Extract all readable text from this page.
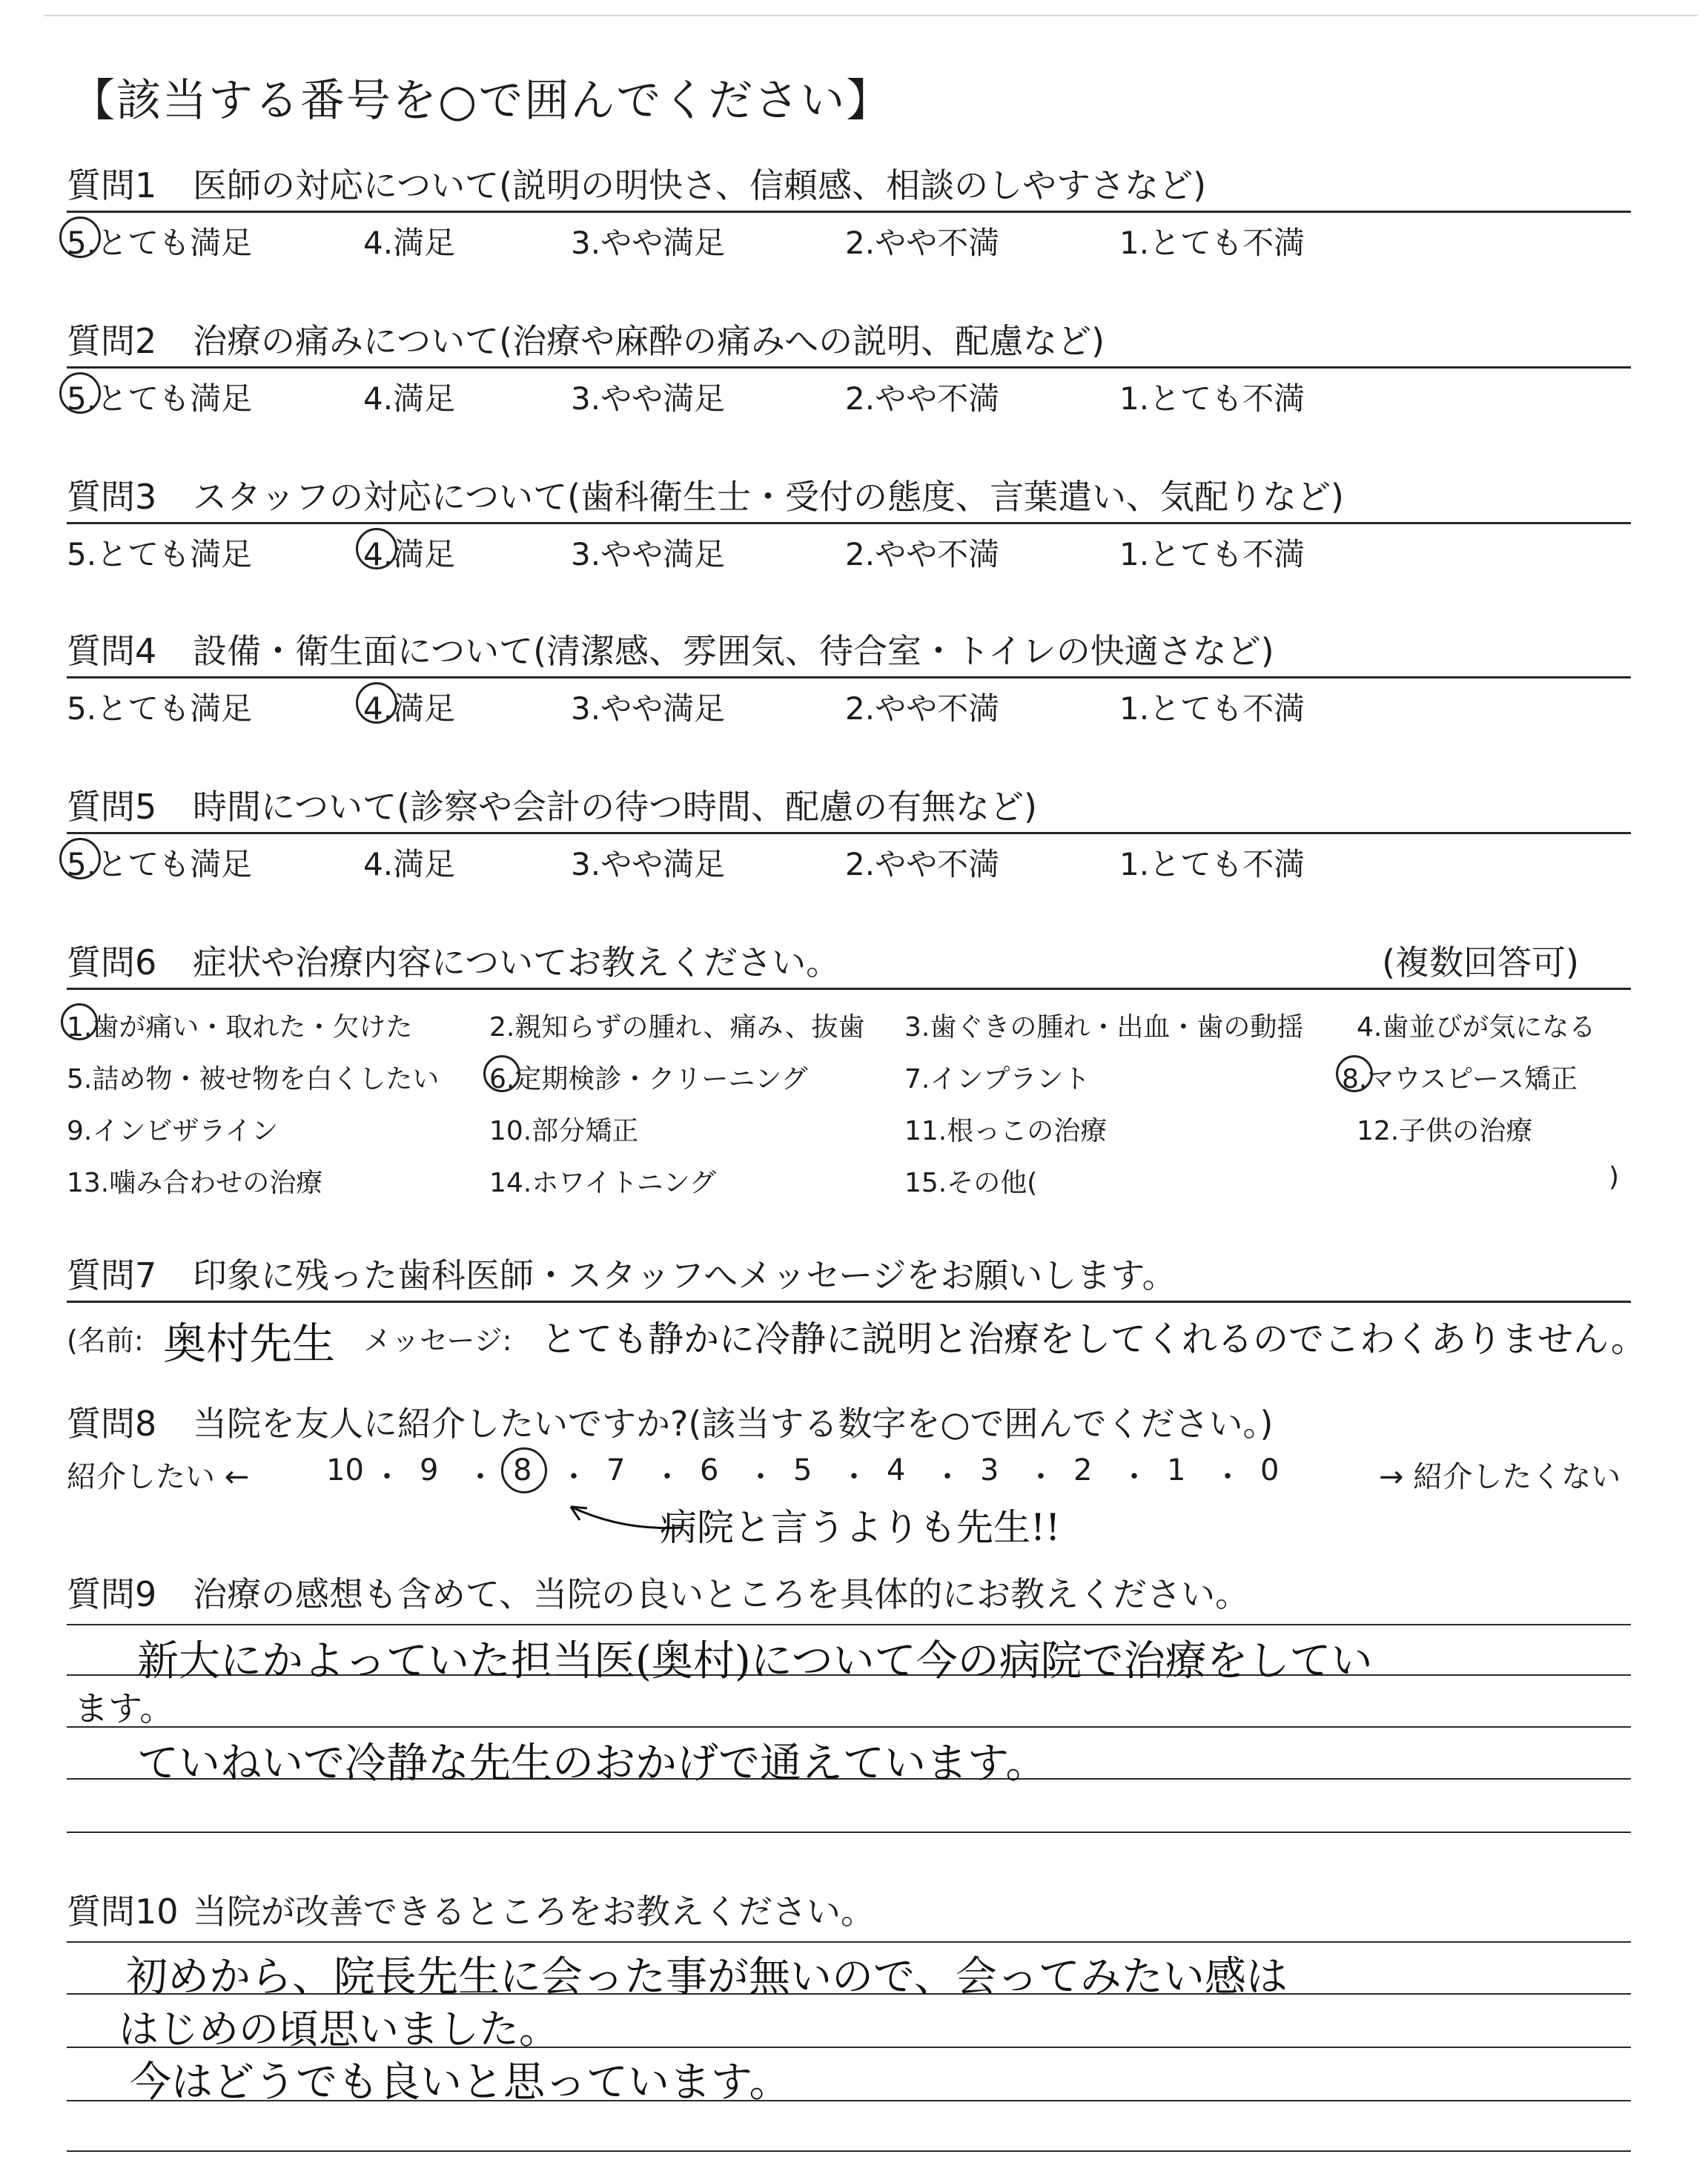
【該当する番号を○で囲んでください】
質問1 医師の対応について(説明の明快さ、信頼感、相談のしやすさなど)
5.とても満足	4.満足	3.やや満足	2.やや不満	1.とても不満
質問2 治療の痛みについて(治療や麻酔の痛みへの説明、配慮など)
5.とても満足	4.満足	3.やや満足	2.やや不満	1.とても不満
質問3 スタッフの対応について(歯科衛生士・受付の態度、言葉遣い、気配りなど)
5.とても満足	4.満足	3.やや満足	2.やや不満	1.とても不満
質問4 設備・衛生面について(清潔感、雰囲気、待合室・トイレの快適さなど)
5.とても満足	4.満足	3.やや満足	2.やや不満	1.とても不満
質問5 時間について(診察や会計の待つ時間、配慮の有無など)
5.とても満足	4.満足	3.やや満足	2.やや不満	1.とても不満
質問6 症状や治療内容についてお教えください。	(複数回答可)
1.歯が痛い・取れた・欠けた	2.親知らずの腫れ、痛み、抜歯 3.歯ぐきの腫れ・出血・歯の動揺 4.歯並びが気になる
5.詰め物・被せ物を白くしたい 6.定期検診・クリーニング	7.インプラント	8.マウスピース矯正
9.インビザライン	10.部分矯正	11.根っこの治療	12.子供の治療
13.噛み合わせの治療	14.ホワイトニング	15.その他(	)
質問7 印象に残った歯科医師・スタッフへメッセージをお願いします。
(名前: 奥村先生 メッセージ: とても静かに冷静に説明と治療をしてくれるのでこわくありません。
質問8 当院を友人に紹介したいですか?(該当する数字を○で囲んでください。)
紹介したい ←	→ 紹介したくない
10 ・ 9 ・ 8 ・ 7 ・ 6 ・ 5 ・ 4 ・ 3 ・ 2 ・ 1 ・ 0
病院と言うよりも先生!!
質問9 治療の感想も含めて、当院の良いところを具体的にお教えください。
新大にかよっていた担当医(奥村)について今の病院で治療をしてい
ます。
ていねいで冷静な先生のおかげで通えています。
質問10 当院が改善できるところをお教えください。
初めから、院長先生に会った事が無いので、会ってみたい感は
はじめの頃思いました。
今はどうでも良いと思っています。
